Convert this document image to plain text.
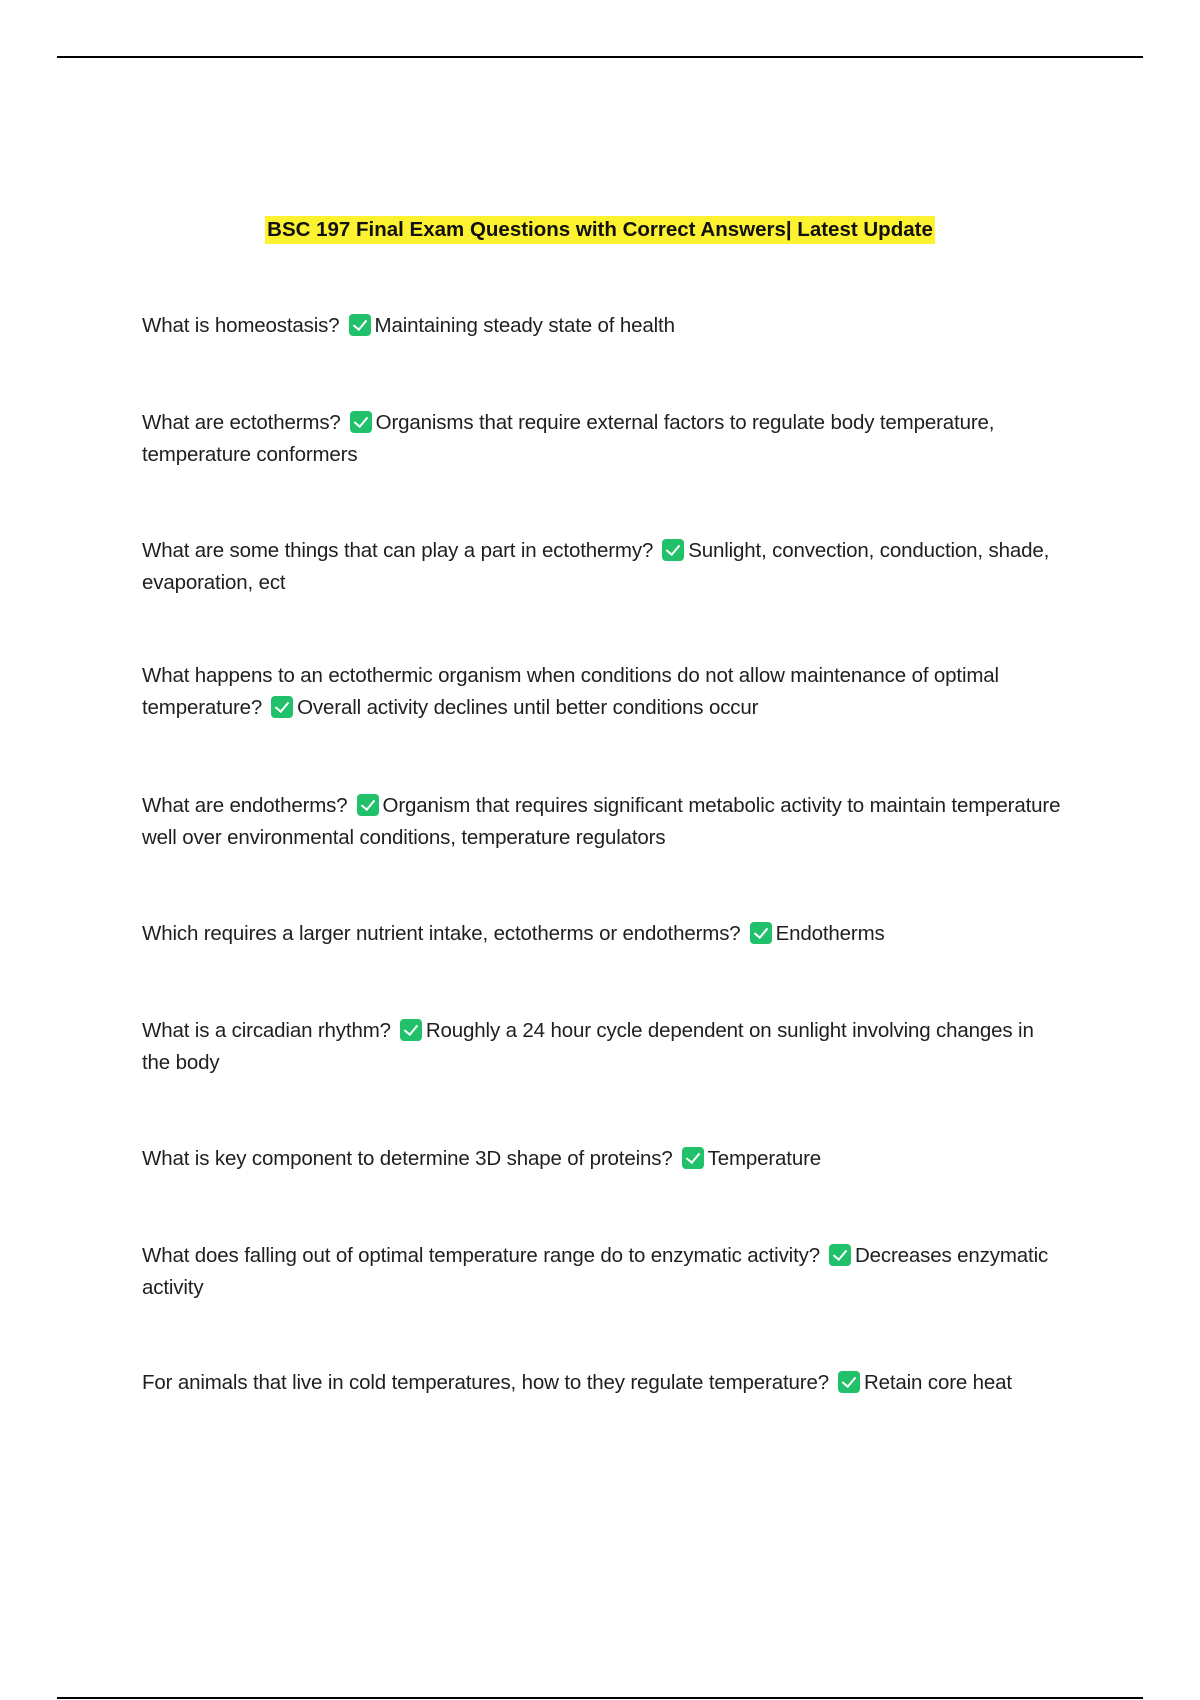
BSC 197 Final Exam Questions with Correct Answers| Latest Update

What is homeostasis? Maintaining steady state of health

What are ectotherms? Organisms that require external factors to regulate body temperature, temperature conformers

What are some things that can play a part in ectothermy? Sunlight, convection, conduction, shade, evaporation, ect

What happens to an ectothermic organism when conditions do not allow maintenance of optimal temperature? Overall activity declines until better conditions occur

What are endotherms? Organism that requires significant metabolic activity to maintain temperature well over environmental conditions, temperature regulators

Which requires a larger nutrient intake, ectotherms or endotherms? Endotherms

What is a circadian rhythm? Roughly a 24 hour cycle dependent on sunlight involving changes in the body

What is key component to determine 3D shape of proteins? Temperature

What does falling out of optimal temperature range do to enzymatic activity? Decreases enzymatic activity

For animals that live in cold temperatures, how to they regulate temperature? Retain core heat
